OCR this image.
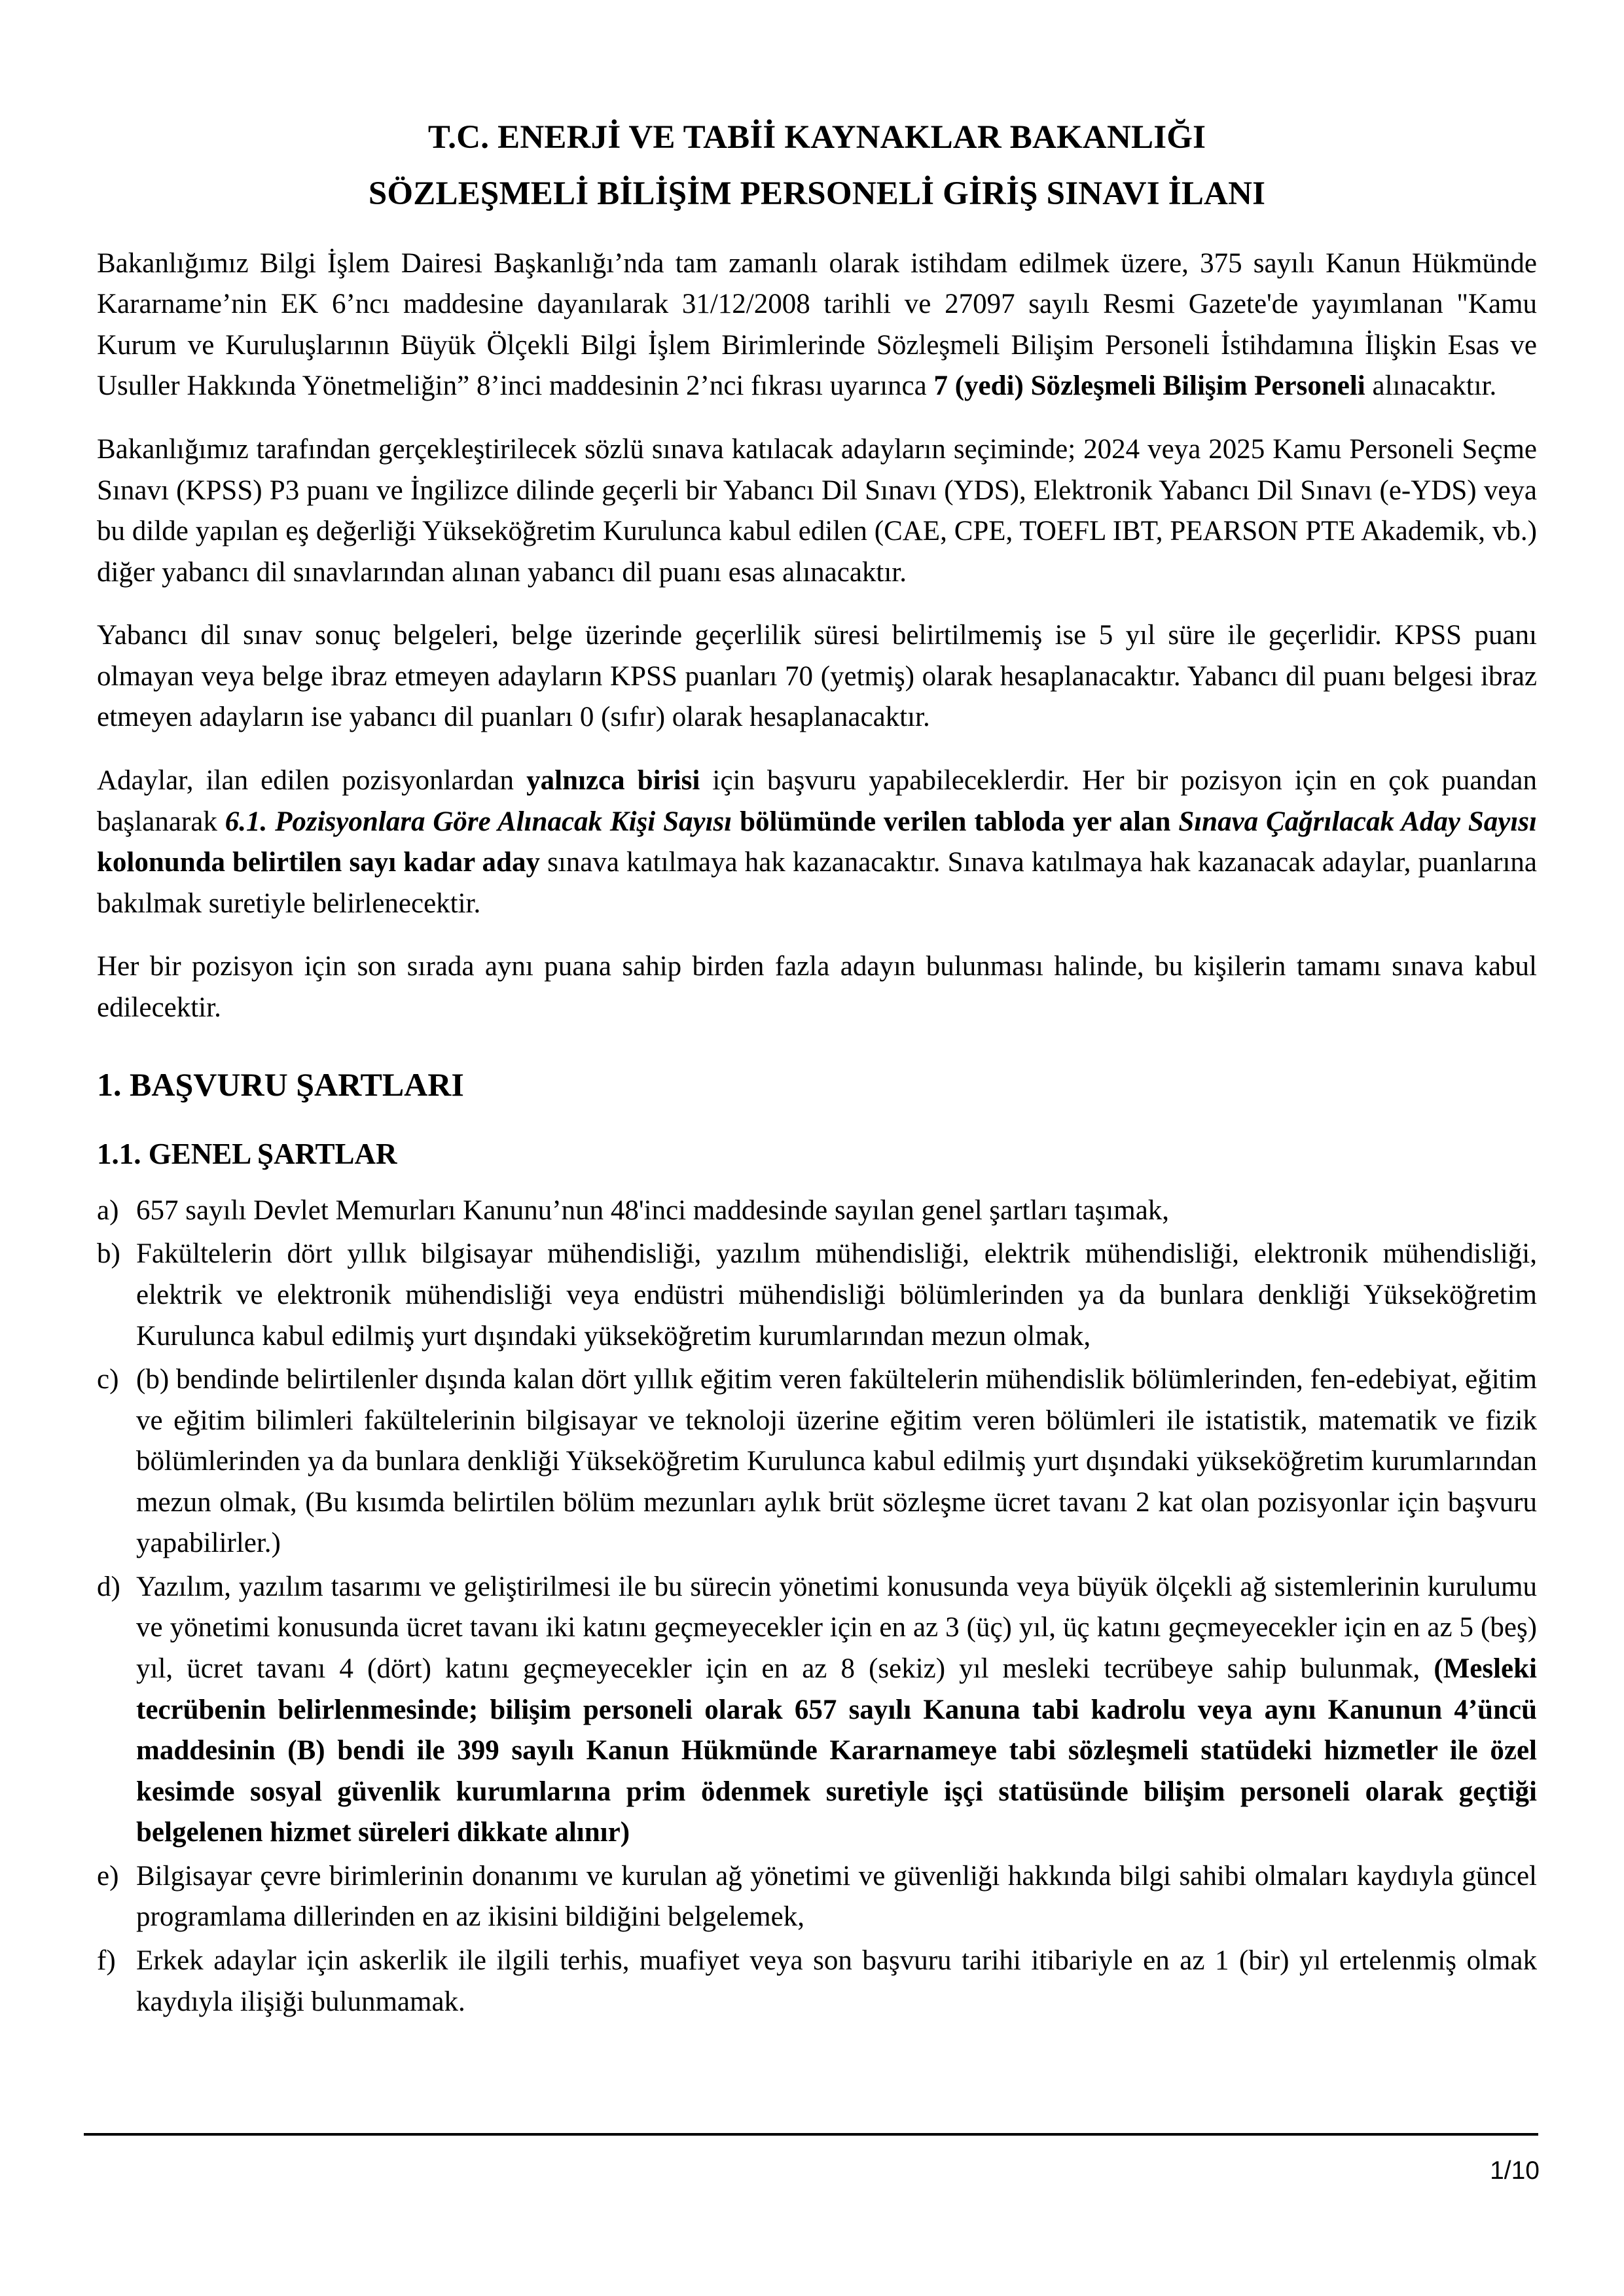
T.C. ENERJİ VE TABİİ KAYNAKLAR BAKANLIĞI
SÖZLEŞMELİ BİLİŞİM PERSONELİ GİRİŞ SINAVI İLANI

Bakanlığımız Bilgi İşlem Dairesi Başkanlığı’nda tam zamanlı olarak istihdam edilmek üzere, 375 sayılı Kanun Hükmünde Kararname’nin EK 6’ncı maddesine dayanılarak 31/12/2008 tarihli ve 27097 sayılı Resmi Gazete'de yayımlanan "Kamu Kurum ve Kuruluşlarının Büyük Ölçekli Bilgi İşlem Birimlerinde Sözleşmeli Bilişim Personeli İstihdamına İlişkin Esas ve Usuller Hakkında Yönetmeliğin” 8’inci maddesinin 2’nci fıkrası uyarınca 7 (yedi) Sözleşmeli Bilişim Personeli alınacaktır.

Bakanlığımız tarafından gerçekleştirilecek sözlü sınava katılacak adayların seçiminde; 2024 veya 2025 Kamu Personeli Seçme Sınavı (KPSS) P3 puanı ve İngilizce dilinde geçerli bir Yabancı Dil Sınavı (YDS), Elektronik Yabancı Dil Sınavı (e-YDS) veya bu dilde yapılan eş değerliği Yükseköğretim Kurulunca kabul edilen (CAE, CPE, TOEFL IBT, PEARSON PTE Akademik, vb.) diğer yabancı dil sınavlarından alınan yabancı dil puanı esas alınacaktır.

Yabancı dil sınav sonuç belgeleri, belge üzerinde geçerlilik süresi belirtilmemiş ise 5 yıl süre ile geçerlidir. KPSS puanı olmayan veya belge ibraz etmeyen adayların KPSS puanları 70 (yetmiş) olarak hesaplanacaktır. Yabancı dil puanı belgesi ibraz etmeyen adayların ise yabancı dil puanları 0 (sıfır) olarak hesaplanacaktır.

Adaylar, ilan edilen pozisyonlardan yalnızca birisi için başvuru yapabileceklerdir. Her bir pozisyon için en çok puandan başlanarak 6.1. Pozisyonlara Göre Alınacak Kişi Sayısı bölümünde verilen tabloda yer alan Sınava Çağrılacak Aday Sayısı kolonunda belirtilen sayı kadar aday sınava katılmaya hak kazanacaktır. Sınava katılmaya hak kazanacak adaylar, puanlarına bakılmak suretiyle belirlenecektir.

Her bir pozisyon için son sırada aynı puana sahip birden fazla adayın bulunması halinde, bu kişilerin tamamı sınava kabul edilecektir.

1. BAŞVURU ŞARTLARI
1.1. GENEL ŞARTLAR
a) 657 sayılı Devlet Memurları Kanunu’nun 48'inci maddesinde sayılan genel şartları taşımak,
b) Fakültelerin dört yıllık bilgisayar mühendisliği, yazılım mühendisliği, elektrik mühendisliği, elektronik mühendisliği, elektrik ve elektronik mühendisliği veya endüstri mühendisliği bölümlerinden ya da bunlara denkliği Yükseköğretim Kurulunca kabul edilmiş yurt dışındaki yükseköğretim kurumlarından mezun olmak,
c) (b) bendinde belirtilenler dışında kalan dört yıllık eğitim veren fakültelerin mühendislik bölümlerinden, fen-edebiyat, eğitim ve eğitim bilimleri fakültelerinin bilgisayar ve teknoloji üzerine eğitim veren bölümleri ile istatistik, matematik ve fizik bölümlerinden ya da bunlara denkliği Yükseköğretim Kurulunca kabul edilmiş yurt dışındaki yükseköğretim kurumlarından mezun olmak, (Bu kısımda belirtilen bölüm mezunları aylık brüt sözleşme ücret tavanı 2 kat olan pozisyonlar için başvuru yapabilirler.)
d) Yazılım, yazılım tasarımı ve geliştirilmesi ile bu sürecin yönetimi konusunda veya büyük ölçekli ağ sistemlerinin kurulumu ve yönetimi konusunda ücret tavanı iki katını geçmeyecekler için en az 3 (üç) yıl, üç katını geçmeyecekler için en az 5 (beş) yıl, ücret tavanı 4 (dört) katını geçmeyecekler için en az 8 (sekiz) yıl mesleki tecrübeye sahip bulunmak, (Mesleki tecrübenin belirlenmesinde; bilişim personeli olarak 657 sayılı Kanuna tabi kadrolu veya aynı Kanunun 4’üncü maddesinin (B) bendi ile 399 sayılı Kanun Hükmünde Kararnameye tabi sözleşmeli statüdeki hizmetler ile özel kesimde sosyal güvenlik kurumlarına prim ödenmek suretiyle işçi statüsünde bilişim personeli olarak geçtiği belgelenen hizmet süreleri dikkate alınır)
e) Bilgisayar çevre birimlerinin donanımı ve kurulan ağ yönetimi ve güvenliği hakkında bilgi sahibi olmaları kaydıyla güncel programlama dillerinden en az ikisini bildiğini belgelemek,
f) Erkek adaylar için askerlik ile ilgili terhis, muafiyet veya son başvuru tarihi itibariyle en az 1 (bir) yıl ertelenmiş olmak kaydıyla ilişiği bulunmamak.
1/10
